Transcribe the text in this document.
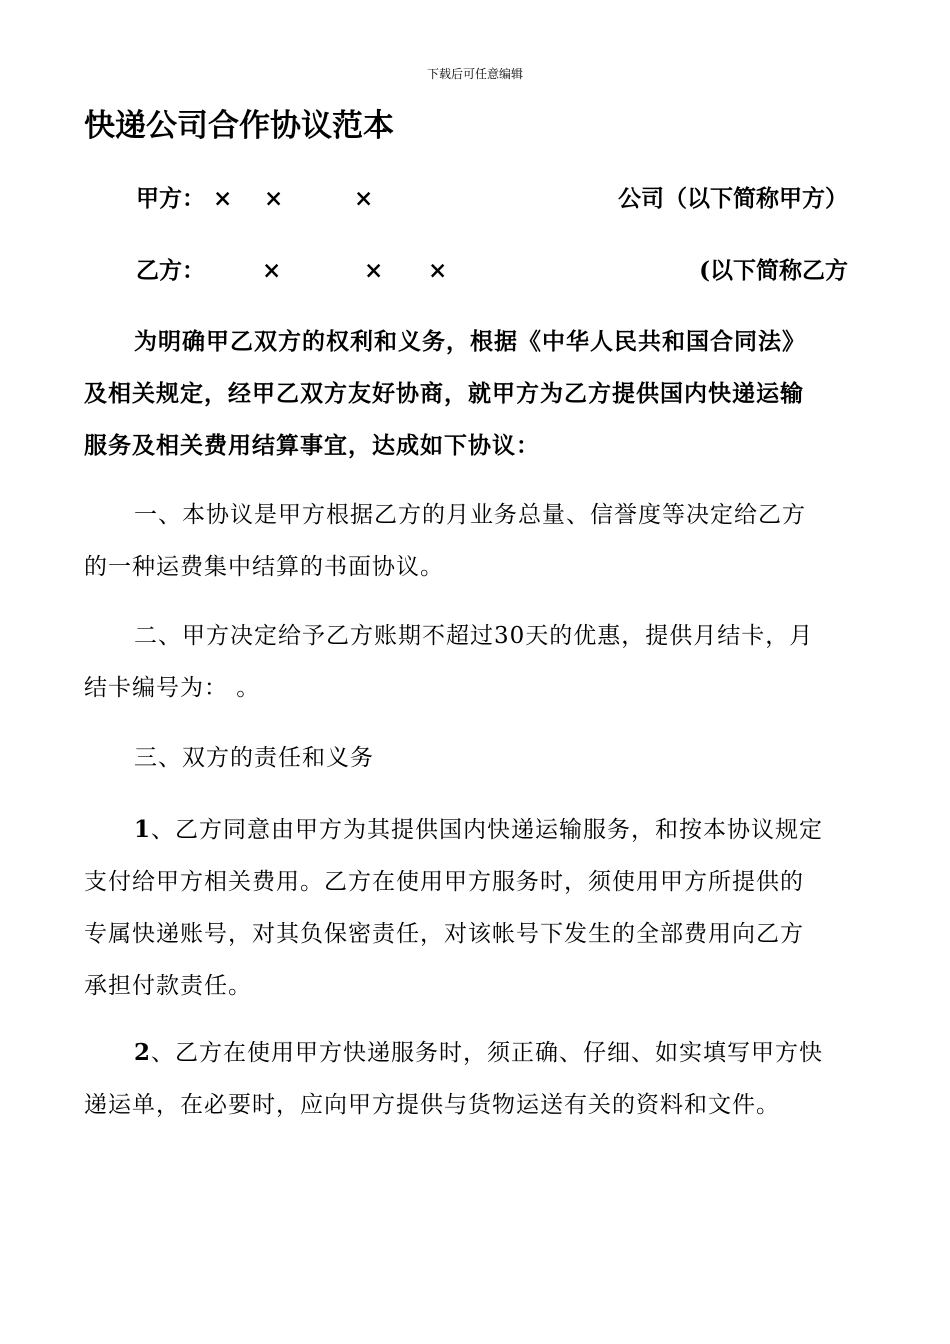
下载后可任意编辑
快递公司合作协议范本
甲方： × ×	×	公司（以下简称甲方）
乙方： ×	× ×	(以下简称乙方
为明确甲乙双方的权利和义务，根据《中华人民共和国合同法》
及相关规定，经甲乙双方友好协商，就甲方为乙方提供国内快递运输
服务及相关费用结算事宜，达成如下协议：
一、本协议是甲方根据乙方的月业务总量、信誉度等决定给乙方
的一种运费集中结算的书面协议。
二、甲方决定给予乙方账期不超过30天的优惠，提供月结卡，月
结卡编号为： 。
三、双方的责任和义务
1、乙方同意由甲方为其提供国内快递运输服务，和按本协议规定
支付给甲方相关费用。乙方在使用甲方服务时，须使用甲方所提供的
专属快递账号，对其负保密责任，对该帐号下发生的全部费用向乙方
承担付款责任。
2、乙方在使用甲方快递服务时，须正确、仔细、如实填写甲方快
递运单，在必要时，应向甲方提供与货物运送有关的资料和文件。
